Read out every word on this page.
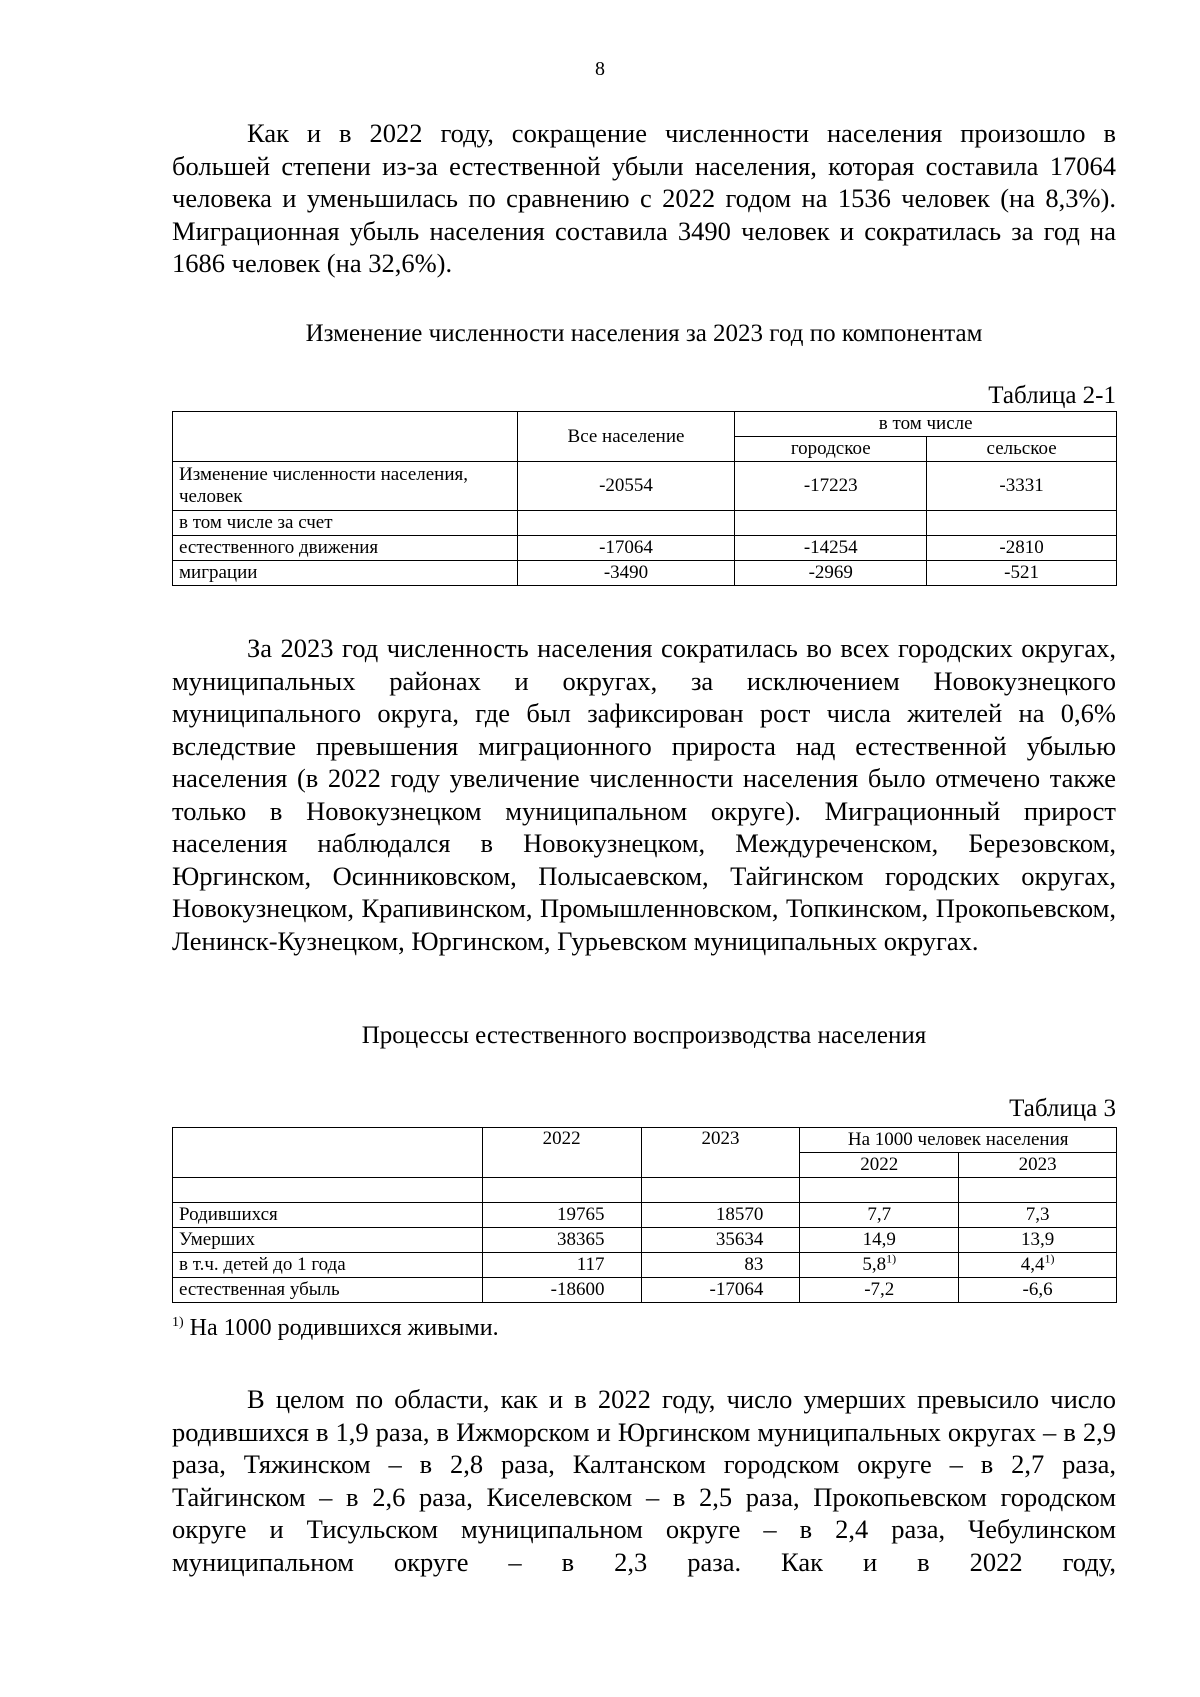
8

Как и в 2022 году, сокращение численности населения произошло в большей степени из-за естественной убыли населения, которая составила 17064 человека и уменьшилась по сравнению с 2022 годом на 1536 человек (на 8,3%). Миграционная убыль населения составила 3490 человек и сократилась за год на 1686 человек (на 32,6%).

Изменение численности населения за 2023 год по компонентам

Таблица 2-1

	Все население	в том числе	
		городское	сельское
Изменение численности населения, человек	-20554	-17223	-3331
в том числе за счет			
естественного движения	-17064	-14254	-2810
миграции	-3490	-2969	-521

За 2023 год численность населения сократилась во всех городских округах, муниципальных районах и округах, за исключением Новокузнецкого муниципального округа, где был зафиксирован рост числа жителей на 0,6% вследствие превышения миграционного прироста над естественной убылью населения (в 2022 году увеличение численности населения было отмечено также только в Новокузнецком муниципальном округе). Миграционный прирост населения наблюдался в Новокузнецком, Междуреченском, Березовском, Юргинском, Осинниковском, Полысаевском, Тайгинском городских округах, Новокузнецком, Крапивинском, Промышленновском, Топкинском, Прокопьевском, Ленинск-Кузнецком, Юргинском, Гурьевском муниципальных округах.

Процессы естественного воспроизводства населения

Таблица 3

	2022	2023	На 1000 человек населения	
			2022	2023

Родившихся	19765	18570	7,7	7,3
Умерших	38365	35634	14,9	13,9
в т.ч. детей до 1 года	117	83	5,8$^{1)}$	4,4$^{1)}$
естественная убыль	-18600	-17064	-7,2	-6,6

$^{1)}$ На 1000 родившихся живыми.

В целом по области, как и в 2022 году, число умерших превысило число родившихся в 1,9 раза, в Ижморском и Юргинском муниципальных округах – в 2,9 раза, Тяжинском – в 2,8 раза, Калтанском городском округе – в 2,7 раза, Тайгинском – в 2,6 раза, Киселевском – в 2,5 раза, Прокопьевском городском округе и Тисульском муниципальном округе – в 2,4 раза, Чебулинском муниципальном округе – в 2,3 раза. Как и в 2022 году,
